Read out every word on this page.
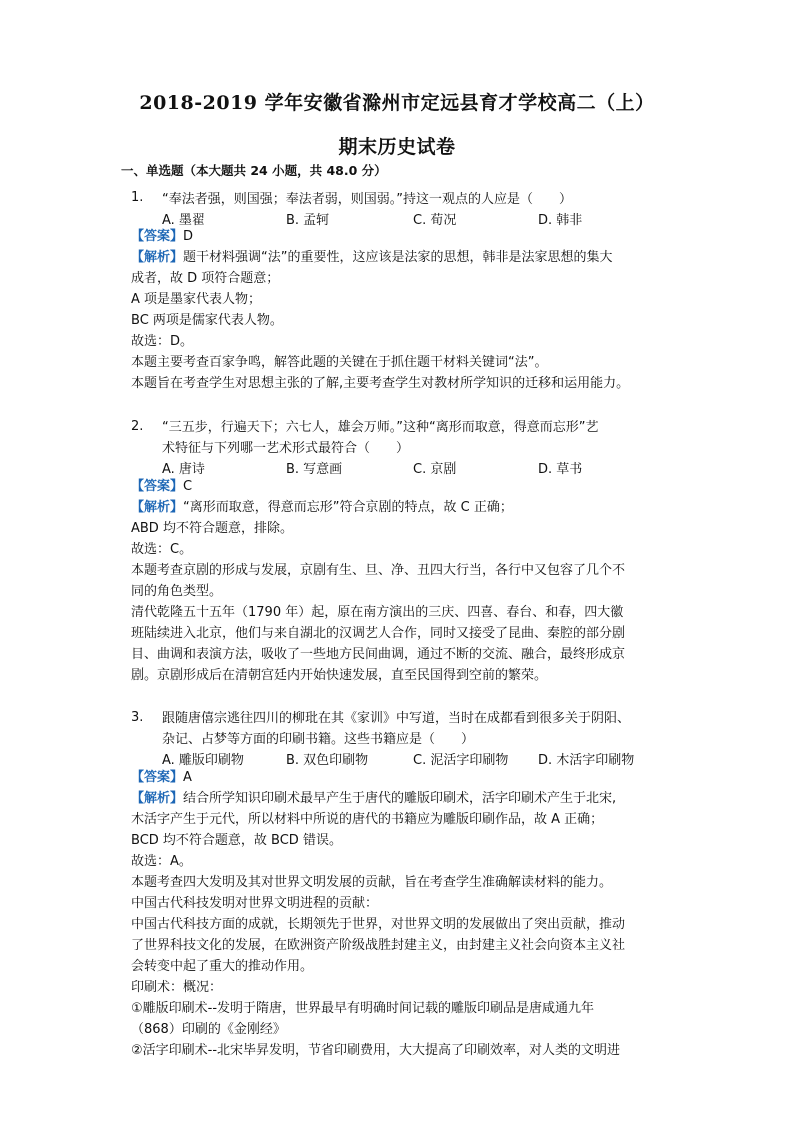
2018-2019 学年安徽省滁州市定远县育才学校高二（上）
期末历史试卷
一、单选题（本大题共 24 小题，共 48.0 分）
1. “奉法者强，则国强；奉法者弱，则国弱。”持这一观点的人应是（　　）
A. 墨翟	B. 孟轲	C. 荀况	D. 韩非
【答案】D
【解析】题干材料强调“法”的重要性，这应该是法家的思想，韩非是法家思想的集大
成者，故 D 项符合题意；
A 项是墨家代表人物；
BC 两项是儒家代表人物。
故选：D。
本题主要考查百家争鸣，解答此题的关键在于抓住题干材料关键词“法”。
本题旨在考查学生对思想主张的了解,主要考查学生对教材所学知识的迁移和运用能力。
2. “三五步，行遍天下；六七人，雄会万师。”这种“离形而取意，得意而忘形”艺
术特征与下列哪一艺术形式最符合（　　）
A. 唐诗	B. 写意画	C. 京剧	D. 草书
【答案】C
【解析】“离形而取意，得意而忘形”符合京剧的特点，故 C 正确；
ABD 均不符合题意，排除。
故选：C。
本题考查京剧的形成与发展，京剧有生、旦、净、丑四大行当，各行中又包容了几个不
同的角色类型。
清代乾隆五十五年（1790 年）起，原在南方演出的三庆、四喜、春台、和春，四大徽
班陆续进入北京，他们与来自湖北的汉调艺人合作，同时又接受了昆曲、秦腔的部分剧
目、曲调和表演方法，吸收了一些地方民间曲调，通过不断的交流、融合，最终形成京
剧。京剧形成后在清朝宫廷内开始快速发展，直至民国得到空前的繁荣。
3. 跟随唐僖宗逃往四川的柳玭在其《家训》中写道，当时在成都看到很多关于阴阳、
杂记、占梦等方面的印刷书籍。这些书籍应是（　　）
A. 雕版印刷物	B. 双色印刷物	C. 泥活字印刷物 D. 木活字印刷物
【答案】A
【解析】结合所学知识印刷术最早产生于唐代的雕版印刷术，活字印刷术产生于北宋,
木活字产生于元代，所以材料中所说的唐代的书籍应为雕版印刷作品，故 A 正确；
BCD 均不符合题意，故 BCD 错误。
故选：A。
本题考查四大发明及其对世界文明发展的贡献，旨在考查学生准确解读材料的能力。
中国古代科技发明对世界文明进程的贡献：
中国古代科技方面的成就，长期领先于世界，对世界文明的发展做出了突出贡献，推动
了世界科技文化的发展，在欧洲资产阶级战胜封建主义，由封建主义社会向资本主义社
会转变中起了重大的推动作用。
印刷术：概况：
①雕版印刷术--发明于隋唐，世界最早有明确时间记载的雕版印刷品是唐咸通九年
（868）印刷的《金刚经》
②活字印刷术--北宋毕昇发明，节省印刷费用，大大提高了印刷效率，对人类的文明进
